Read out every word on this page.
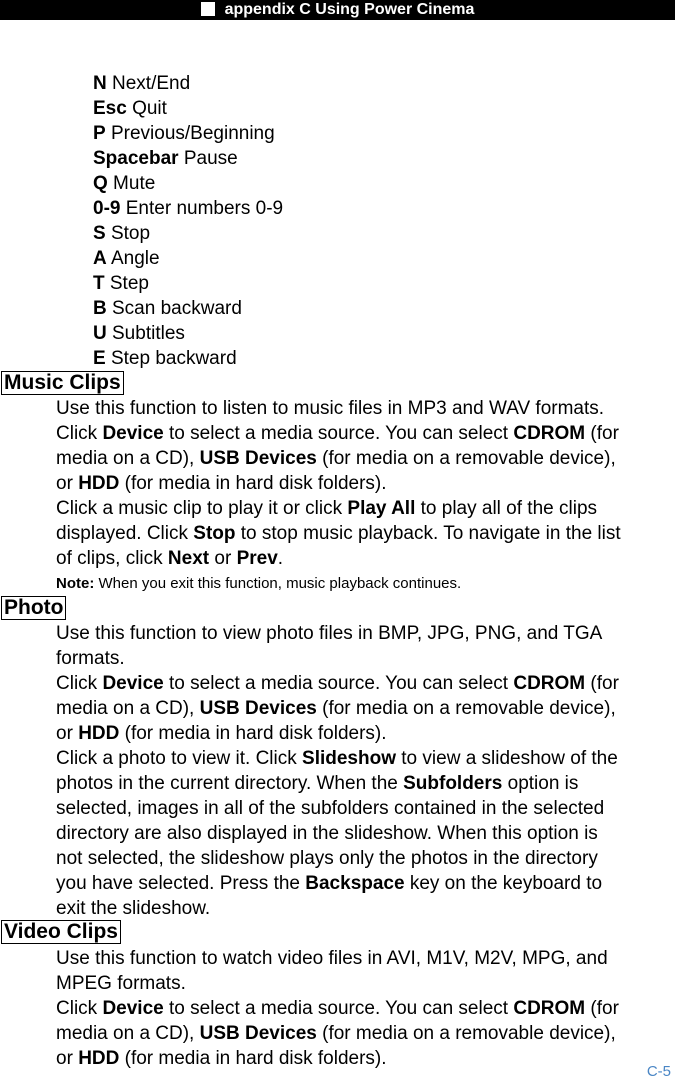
appendix C Using Power Cinema
N Next/End
Esc Quit
P Previous/Beginning
Spacebar Pause
Q Mute
0-9 Enter numbers 0-9
S Stop
A Angle
T Step
B Scan backward
U Subtitles
E Step backward
Music Clips
Use this function to listen to music files in MP3 and WAV formats.
Click Device to select a media source. You can select CDROM (for
media on a CD), USB Devices (for media on a removable device),
or HDD (for media in hard disk folders).
Click a music clip to play it or click Play All to play all of the clips
displayed. Click Stop to stop music playback. To navigate in the list
of clips, click Next or Prev.
Note: When you exit this function, music playback continues.
Photo
Use this function to view photo files in BMP, JPG, PNG, and TGA
formats.
Click Device to select a media source. You can select CDROM (for
media on a CD), USB Devices (for media on a removable device),
or HDD (for media in hard disk folders).
Click a photo to view it. Click Slideshow to view a slideshow of the
photos in the current directory. When the Subfolders option is
selected, images in all of the subfolders contained in the selected
directory are also displayed in the slideshow. When this option is
not selected, the slideshow plays only the photos in the directory
you have selected. Press the Backspace key on the keyboard to
exit the slideshow.
Video Clips
Use this function to watch video files in AVI, M1V, M2V, MPG, and
MPEG formats.
Click Device to select a media source. You can select CDROM (for
media on a CD), USB Devices (for media on a removable device),
or HDD (for media in hard disk folders).
C-5
